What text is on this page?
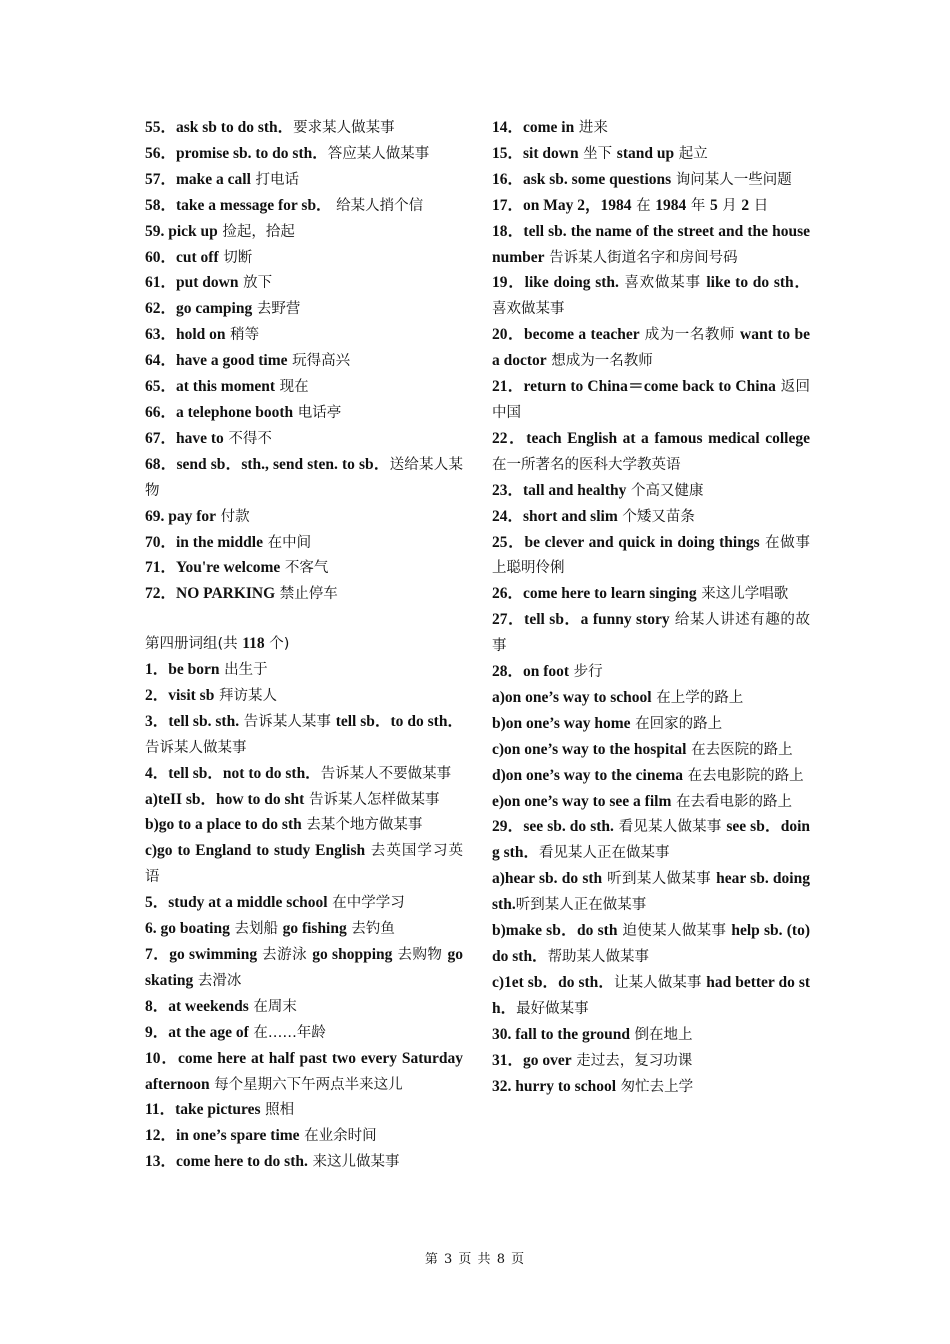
55．ask sb to do sth．要求某人做某事

56．promise sb. to do sth．答应某人做某事

57．make a call 打电话

58．take a message for sb． 给某人捎个信

59. pick up 捡起，拾起

60．cut off 切断

61．put down 放下

62．go camping 去野营

63．hold on 稍等

64．have a good time 玩得高兴

65．at this moment 现在

66．a telephone booth 电话亭

67．have to 不得不

68．send sb．sth., send sten. to sb．送给某人某物

69. pay for 付款

70．in the middle 在中间

71．You're welcome 不客气

72．NO PARKING 禁止停车

第四册词组(共 118 个)

1．be born 出生于

2．visit sb 拜访某人

3．tell sb. sth. 告诉某人某事 tell sb．to do sth．告诉某人做某事

4．tell sb．not to do sth．告诉某人不要做某事

a)teII sb．how to do sht 告诉某人怎样做某事

b)go to a place to do sth 去某个地方做某事

c)go to England to study English 去英国学习英语

5．study at a middle school 在中学学习

6. go boating 去划船 go fishing 去钓鱼

7．go swimming 去游泳 go shopping 去购物 go skating 去滑冰

8．at weekends 在周末

9．at the age of 在……年龄

10．come here at half past two every Saturday afternoon 每个星期六下午两点半来这儿

11．take pictures 照相

12．in one’s spare time 在业余时间

13．come here to do sth. 来这儿做某事

14．come in 进来

15．sit down 坐下 stand up 起立

16．ask sb. some questions 询问某人一些问题

17．on May 2，1984 在 1984 年 5 月 2 日

18．tell sb. the name of the street and the house number 告诉某人街道名字和房间号码

19．like doing sth. 喜欢做某事 like to do sth．喜欢做某事

20．become a teacher 成为一名教师 want to be a doctor 想成为一名教师

21．return to China＝come back to China 返回中国

22．teach English at a famous medical college 在一所著名的医科大学教英语

23．tall and healthy 个高又健康

24．short and slim 个矮又苗条

25．be clever and quick in doing things 在做事上聪明伶俐

26．come here to learn singing 来这儿学唱歌

27．tell sb．a funny story 给某人讲述有趣的故事

28．on foot 步行

a)on one’s way to school 在上学的路上

b)on one’s way home 在回家的路上

c)on one’s way to the hospital 在去医院的路上

d)on one’s way to the cinema 在去电影院的路上

e)on one’s way to see a film 在去看电影的路上

29．see sb. do sth. 看见某人做某事 see sb．doing sth．看见某人正在做某事

a)hear sb. do sth 听到某人做某事 hear sb. doing sth.听到某人正在做某事

b)make sb．do sth 迫使某人做某事 help sb. (to) do sth．帮助某人做某事

c)1et sb．do sth．让某人做某事 had better do sth．最好做某事

30. fall to the ground 倒在地上

31．go over 走过去，复习功课

32. hurry to school 匆忙去上学

第 3 页 共 8 页
